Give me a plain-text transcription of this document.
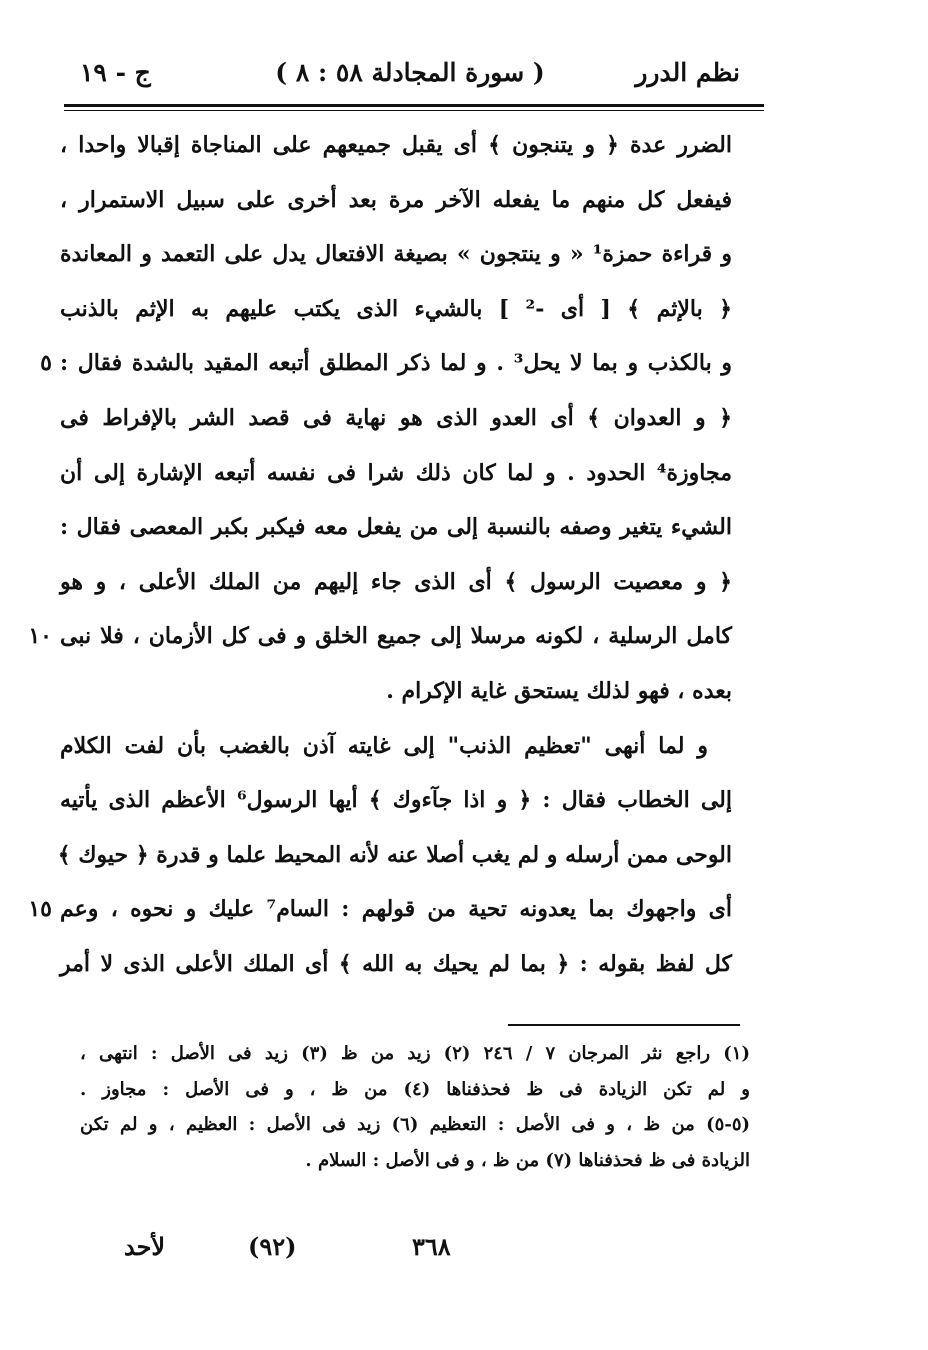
نظم الدرر
( سورة المجادلة ٥٨ : ٨ )
ج - ١٩
الضرر عدة ﴿ و يتنجون ﴾ أى يقبل جميعهم على المناجاة إقبالا واحدا ،
فيفعل كل منهم ما يفعله الآخر مرة بعد أخرى على سبيل الاستمرار ،
و قراءة حمزة¹ « و ينتجون » بصيغة الافتعال يدل على التعمد و المعاندة
﴿ بالإثم ﴾ [ أى -² ] بالشيء الذى يكتب عليهم به الإثم بالذنب
و بالكذب و بما لا يحل³ . و لما ذكر المطلق أتبعه المقيد بالشدة فقال :
٥
﴿ و العدوان ﴾ أى العدو الذى هو نهاية فى قصد الشر بالإفراط فى
مجاوزة⁴ الحدود . و لما كان ذلك شرا فى نفسه أتبعه الإشارة إلى أن
الشيء يتغير وصفه بالنسبة إلى من يفعل معه فيكبر بكبر المعصى فقال :
﴿ و معصيت الرسول ﴾ أى الذى جاء إليهم من الملك الأعلى ، و هو
كامل الرسلية ، لكونه مرسلا إلى جميع الخلق و فى كل الأزمان ، فلا نبى
١٠
بعده ، فهو لذلك يستحق غاية الإكرام .
و لما أنهى "تعظيم الذنب" إلى غايته آذن بالغضب بأن لفت الكلام
إلى الخطاب فقال : ﴿ و اذا جآءوك ﴾ أيها الرسول⁶ الأعظم الذى يأتيه
الوحى ممن أرسله و لم يغب أصلا عنه لأنه المحيط علما و قدرة ﴿ حيوك ﴾
أى واجهوك بما يعدونه تحية من قولهم : السام⁷ عليك و نحوه ، وعم
١٥
كل لفظ بقوله : ﴿ بما لم يحيك به الله ﴾ أى الملك الأعلى الذى لا أمر
(١) راجع نثر المرجان ٧ / ٢٤٦ (٢) زيد من ظ (٣) زيد فى الأصل : انتهى ،
و لم تكن الزيادة فى ظ فحذفناها (٤) من ظ ، و فى الأصل : مجاوز .
(٥-٥) من ظ ، و فى الأصل : التعظيم (٦) زيد فى الأصل : العظيم ، و لم تكن
الزيادة فى ظ فحذفناها (٧) من ظ ، و فى الأصل : السلام .
لأحد	(٩٢)	٣٦٨
